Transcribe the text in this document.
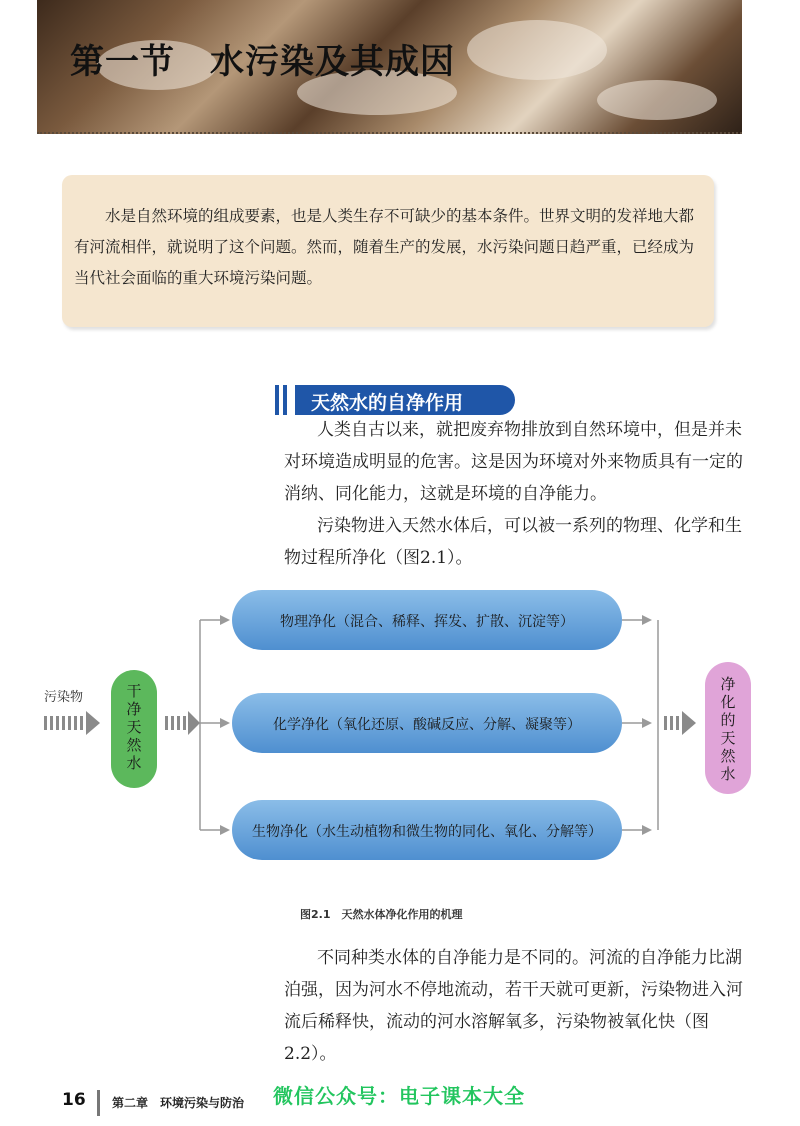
第一节　水污染及其成因
水是自然环境的组成要素，也是人类生存不可缺少的基本条件。世界文明的发祥地大都有河流相伴，就说明了这个问题。然而，随着生产的发展，水污染问题日趋严重，已经成为当代社会面临的重大环境污染问题。
天然水的自净作用
人类自古以来，就把废弃物排放到自然环境中，但是并未对环境造成明显的危害。这是因为环境对外来物质具有一定的消纳、同化能力，这就是环境的自净能力。
污染物进入天然水体后，可以被一系列的物理、化学和生物过程所净化（图2.1）。
污染物	干
净
天
然
水
物理净化（混合、稀释、挥发、扩散、沉淀等）
化学净化（氧化还原、酸碱反应、分解、凝聚等）
生物净化（水生动植物和微生物的同化、氧化、分解等）
净
化
的
天
然
水
图2.1　天然水体净化作用的机理
不同种类水体的自净能力是不同的。河流的自净能力比湖泊强，因为河水不停地流动，若干天就可更新，污染物进入河流后稀释快，流动的河水溶解氧多，污染物被氧化快（图2.2）。
16 第二章　环境污染与防治 微信公众号：电子课本大全
